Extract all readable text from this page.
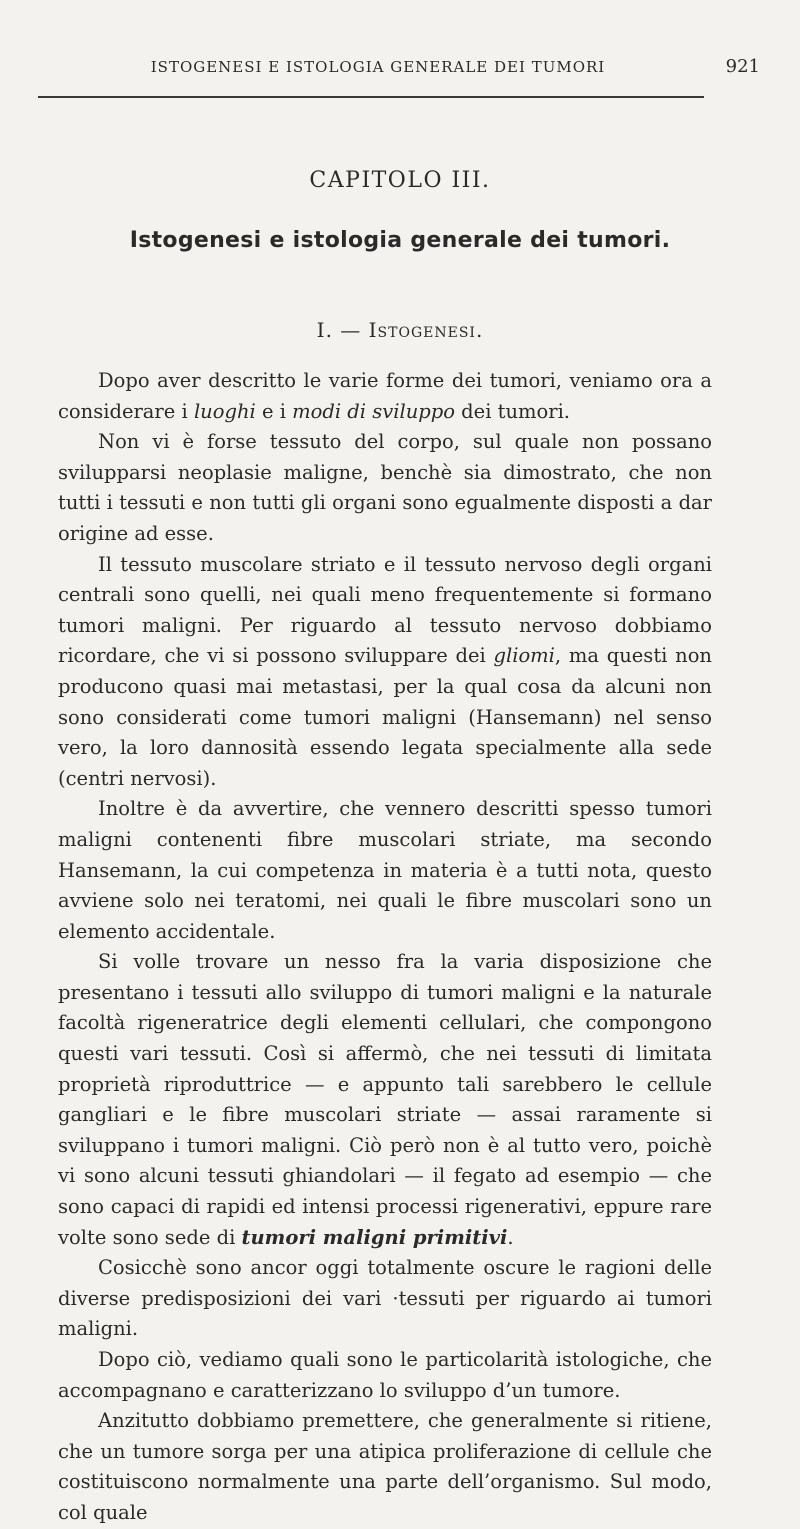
ISTOGENESI E ISTOLOGIA GENERALE DEI TUMORI	921
CAPITOLO III.
Istogenesi e istologia generale dei tumori.
I. — Istogenesi.

Dopo aver descritto le varie forme dei tumori, veniamo ora a considerare i luoghi e i modi di sviluppo dei tumori.

Non vi è forse tessuto del corpo, sul quale non possano svilupparsi neoplasie maligne, benchè sia dimostrato, che non tutti i tessuti e non tutti gli organi sono egualmente disposti a dar origine ad esse.

Il tessuto muscolare striato e il tessuto nervoso degli organi centrali sono quelli, nei quali meno frequentemente si formano tumori maligni. Per riguardo al tessuto nervoso dobbiamo ricordare, che vi si possono sviluppare dei gliomi, ma questi non producono quasi mai metastasi, per la qual cosa da alcuni non sono considerati come tumori maligni (Hansemann) nel senso vero, la loro dannosità essendo legata specialmente alla sede (centri nervosi).

Inoltre è da avvertire, che vennero descritti spesso tumori maligni contenenti fibre muscolari striate, ma secondo Hansemann, la cui competenza in materia è a tutti nota, questo avviene solo nei teratomi, nei quali le fibre muscolari sono un elemento accidentale.

Si volle trovare un nesso fra la varia disposizione che presentano i tessuti allo sviluppo di tumori maligni e la naturale facoltà rigeneratrice degli elementi cellulari, che compongono questi vari tessuti. Così si affermò, che nei tessuti di limitata proprietà riproduttrice — e appunto tali sarebbero le cellule gangliari e le fibre muscolari striate — assai raramente si sviluppano i tumori maligni. Ciò però non è al tutto vero, poichè vi sono alcuni tessuti ghiandolari — il fegato ad esempio — che sono capaci di rapidi ed intensi processi rigenerativi, eppure rare volte sono sede di tumori maligni primitivi.

Cosicchè sono ancor oggi totalmente oscure le ragioni delle diverse predisposizioni dei vari ·tessuti per riguardo ai tumori maligni.

Dopo ciò, vediamo quali sono le particolarità istologiche, che accompagnano e caratterizzano lo sviluppo d’un tumore.

Anzitutto dobbiamo premettere, che generalmente si ritiene, che un tumore sorga per una atipica proliferazione di cellule che costituiscono normalmente una parte dell’organismo. Sul modo, col quale
